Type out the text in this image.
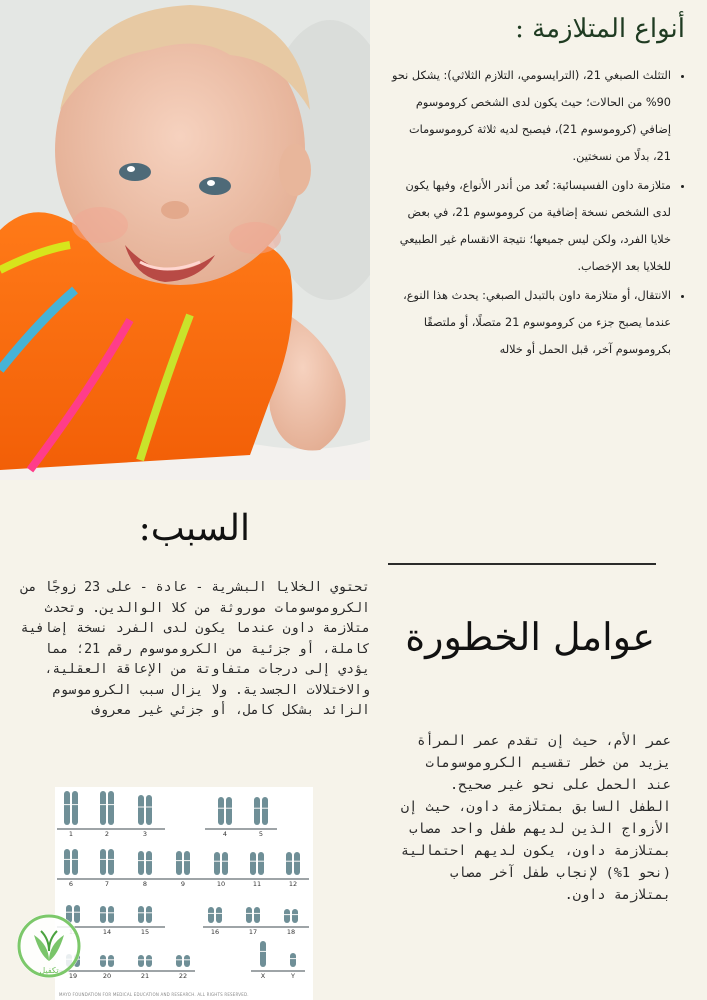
أنواع المتلازمة :
• التثلث الصبغي 21، (الترايسومي، التلازم الثلاثي): يشكل نحو 90% من الحالات؛ حيث يكون لدى الشخص كروموسوم إضافي (كروموسوم 21)، فيصبح لديه ثلاثة كروموسومات 21، بدلًا من نسختين.
• متلازمة داون الفسيسائية: تُعد من أندر الأنواع، وفيها يكون لدى الشخص نسخة إضافية من كروموسوم 21، في بعض خلايا الفرد، ولكن ليس جميعها؛ نتيجة الانقسام غير الطبيعي للخلايا بعد الإخصاب.
• الانتقال، أو متلازمة داون بالتبدل الصبغي: يحدث هذا النوع، عندما يصبح جزء من كروموسوم 21 متصلًا، أو ملتصقًا بكروموسوم آخر، قبل الحمل أو خلاله
السبب:

تحتوي الخلايا البشرية - عادة - على 23 زوجًا من الكروموسومات موروثة من كلا الوالدين. وتحدث متلازمة داون عندما يكون لدى الفرد نسخة إضافية كاملة، أو جزئية من الكروموسوم رقم 21؛ مما يؤدي إلى درجات متفاوتة من الإعاقة العقلية، والاختلالات الجسدية. ولا يزال سبب الكروموسوم الزائد بشكل كامل، أو جزئي غير معروف

عوامل الخطورة

عمر الأم، حيث إن تقدم عمر المرأة يزيد من خطر تقسيم الكروموسومات عند الحمل على نحو غير صحيح.

الطفل السابق بمتلازمة داون، حيث إن الأزواج الذين لديهم طفل واحد مصاب بمتلازمة داون، يكون لديهم احتمالية (نحو 1%) لإنجاب طفل آخر مصاب بمتلازمة داون.

1	2	3	4	5
6	7	8	9	10	11	12
14	15	16	17	18
19	20	21	22	X	Y
MAYO FOUNDATION FOR MEDICAL EDUCATION AND RESEARCH. ALL RIGHTS RESERVED.
تكفيل
